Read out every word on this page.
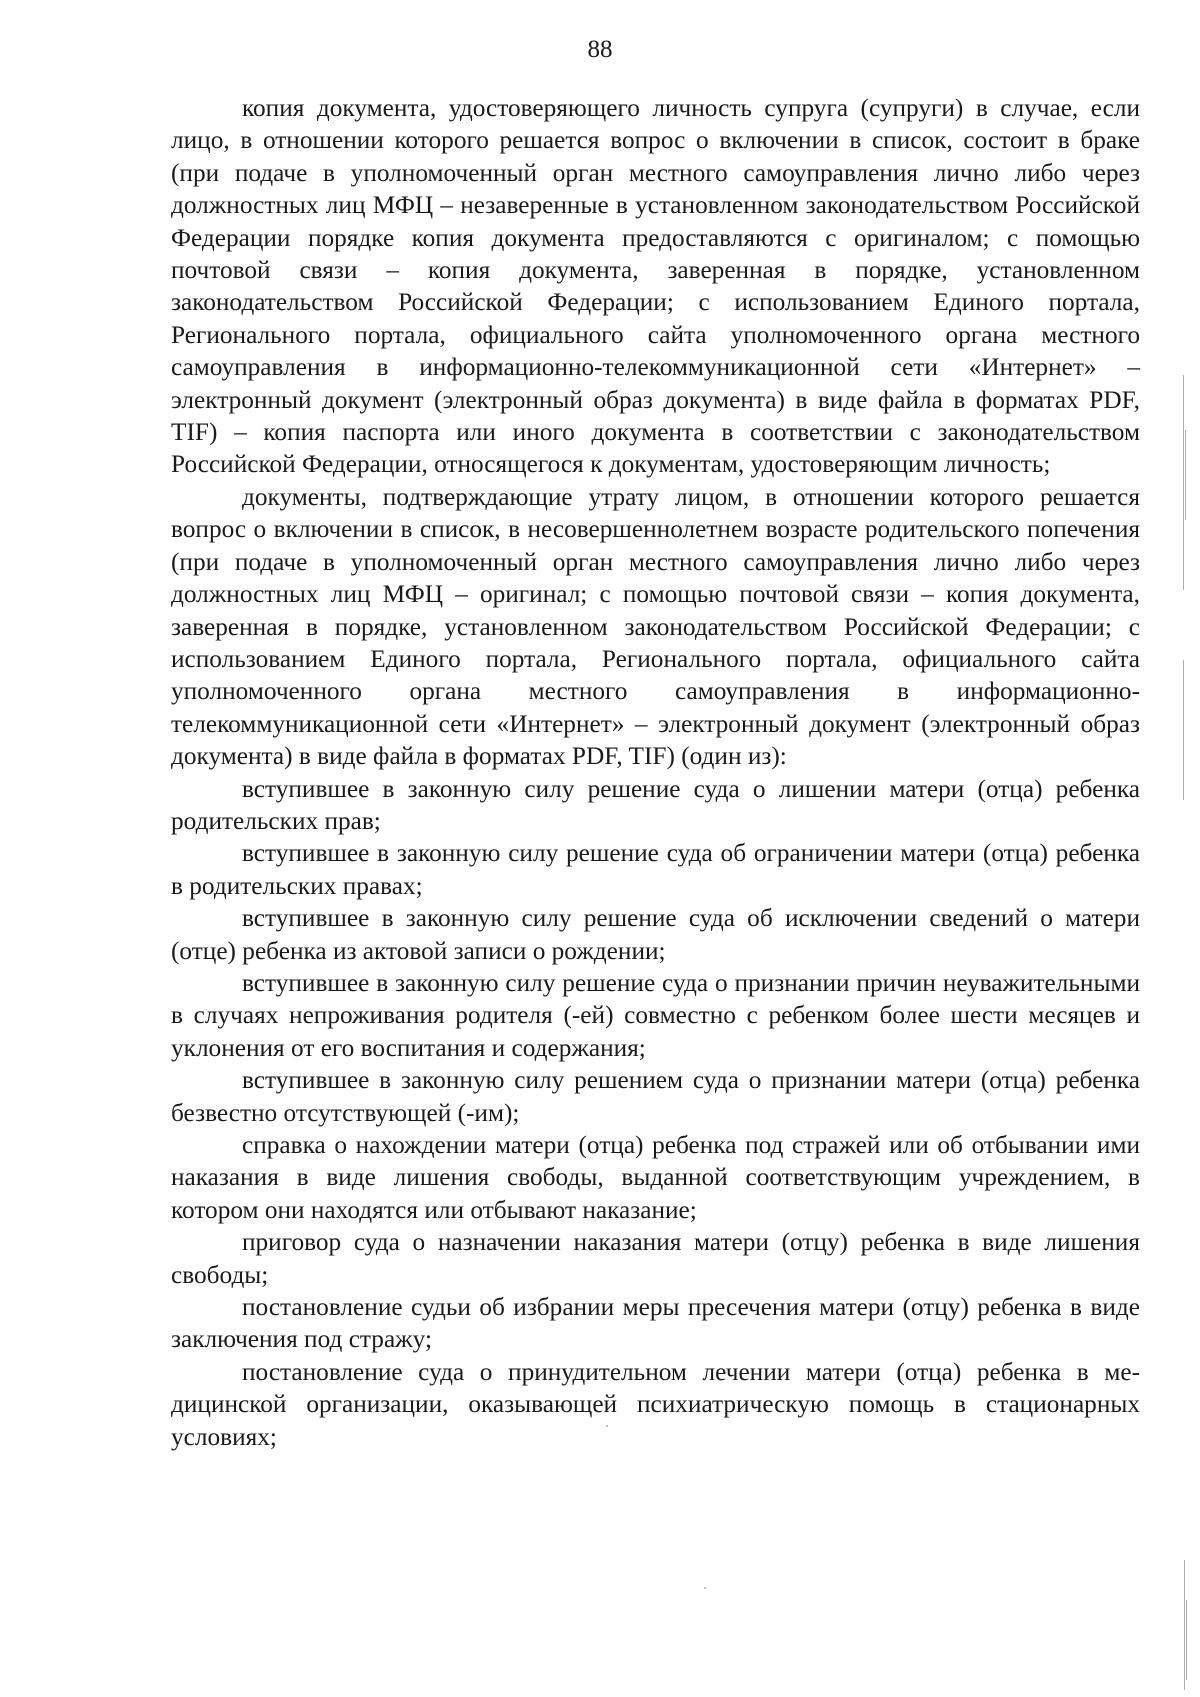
88

копия документа, удостоверяющего личность супруга (супруги) в случае, если лицо, в отношении которого решается вопрос о включении в список, состоит в браке (при подаче в уполномоченный орган местного самоуправления лично либо через должностных лиц МФЦ – незаверенные в установленном законодательством Российской Федерации порядке копия документа предоставляются с оригиналом; с помощью почтовой связи – копия документа, заверенная в порядке, установленном законодательством Российской Федерации; с использованием Единого портала, Регионального портала, официального сайта уполномоченного органа местного самоуправления в информационно-телекоммуникационной сети «Интернет» – электронный документ (электронный образ документа) в виде файла в форматах PDF, TIF) – копия паспорта или иного документа в соответствии с законодательством Российской Федерации, относящегося к документам, удостоверяющим личность;

документы, подтверждающие утрату лицом, в отношении которого решается вопрос о включении в список, в несовершеннолетнем возрасте родительского попечения (при подаче в уполномоченный орган местного самоуправления лично либо через должностных лиц МФЦ – оригинал; с помощью почтовой связи – копия документа, заверенная в порядке, установленном законодательством Российской Федерации; с использованием Единого портала, Регионального портала, официального сайта уполномоченного органа местного самоуправления в информационно-телекоммуникационной сети «Интернет» – электронный документ (электронный образ документа) в виде файла в форматах PDF, TIF) (один из):

вступившее в законную силу решение суда о лишении матери (отца) ребенка родительских прав;

вступившее в законную силу решение суда об ограничении матери (отца) ребенка в родительских правах;

вступившее в законную силу решение суда об исключении сведений о матери (отце) ребенка из актовой записи о рождении;

вступившее в законную силу решение суда о признании причин неуважительными в случаях непроживания родителя (-ей) совместно с ребенком более шести месяцев и уклонения от его воспитания и содержания;

вступившее в законную силу решением суда о признании матери (отца) ребенка безвестно отсутствующей (-им);

справка о нахождении матери (отца) ребенка под стражей или об отбывании ими наказания в виде лишения свободы, выданной соответствующим учреждением, в котором они находятся или отбывают наказание;

приговор суда о назначении наказания матери (отцу) ребенка в виде лишения свободы;

постановление судьи об избрании меры пресечения матери (отцу) ребенка в виде заключения под стражу;

постановление суда о принудительном лечении матери (отца) ребенка в медицинской организации, оказывающей психиатрическую помощь в стационарных условиях;
